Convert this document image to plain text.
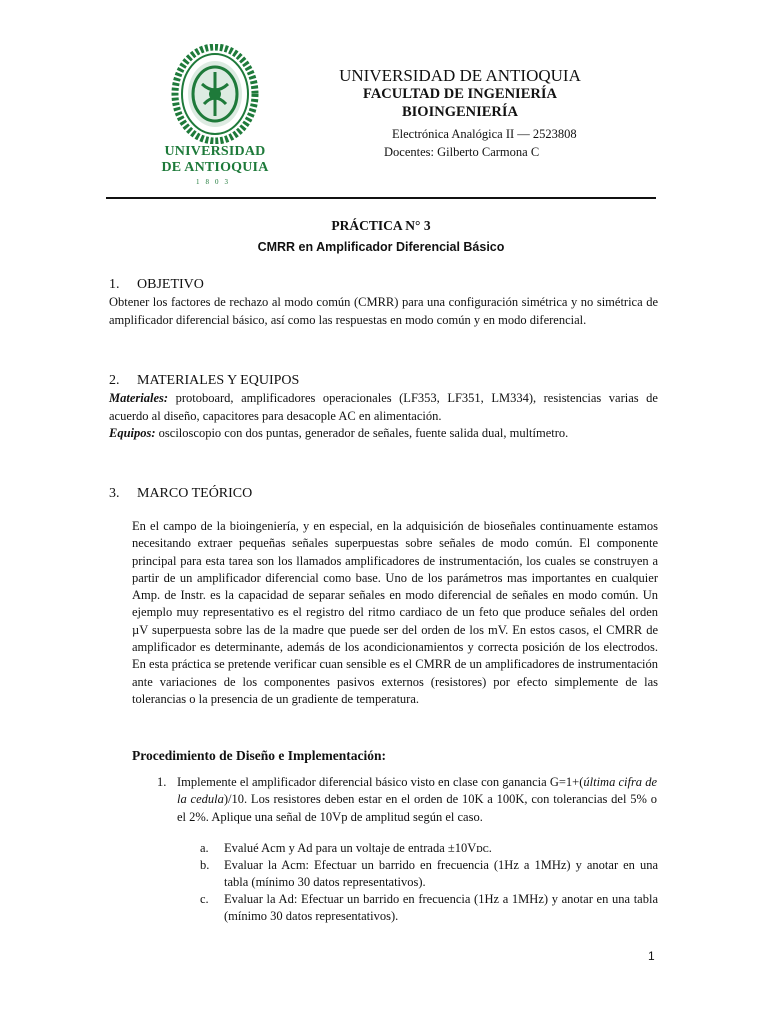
UNIVERSIDAD
DE ANTIOQUIA
1803
UNIVERSIDAD DE ANTIOQUIA
FACULTAD DE INGENIERÍA
BIOINGENIERÍA
Electrónica Analógica II — 2523808
Docentes: Gilberto Carmona C
PRÁCTICA N° 3
CMRR en Amplificador Diferencial Básico
1. OBJETIVO
Obtener los factores de rechazo al modo común (CMRR) para una configuración simétrica y no simétrica de amplificador diferencial básico, así como las respuestas en modo común y en modo diferencial.
2. MATERIALES Y EQUIPOS

Materiales: protoboard, amplificadores operacionales (LF353, LF351, LM334), resistencias varias de acuerdo al diseño, capacitores para desacople AC en alimentación.

Equipos: osciloscopio con dos puntas, generador de señales, fuente salida dual, multímetro.

3. MARCO TEÓRICO
En el campo de la bioingeniería, y en especial, en la adquisición de bioseñales continuamente estamos necesitando extraer pequeñas señales superpuestas sobre señales de modo común. El componente principal para esta tarea son los llamados amplificadores de instrumentación, los cuales se construyen a partir de un amplificador diferencial como base. Uno de los parámetros mas importantes en cualquier Amp. de Instr. es la capacidad de separar señales en modo diferencial de señales en modo común. Un ejemplo muy representativo es el registro del ritmo cardiaco de un feto que produce señales del orden µV superpuesta sobre las de la madre que puede ser del orden de los mV. En estos casos, el CMRR de amplificador es determinante, además de los acondicionamientos y correcta posición de los electrodos. En esta práctica se pretende verificar cuan sensible es el CMRR de un amplificadores de instrumentación ante variaciones de los componentes pasivos externos (resistores) por efecto simplemente de las tolerancias o la presencia de un gradiente de temperatura.
Procedimiento de Diseño e Implementación:
1. Implemente el amplificador diferencial básico visto en clase con ganancia G=1+(última cifra de la cedula)/10. Los resistores deben estar en el orden de 10K a 100K, con tolerancias del 5% o el 2%. Aplique una señal de 10Vp de amplitud según el caso.
a. Evalué Acm y Ad para un voltaje de entrada ±10Vᴅᴄ.
b. Evaluar la Acm: Efectuar un barrido en frecuencia (1Hz a 1MHz) y anotar en una tabla (mínimo 30 datos representativos).
c. Evaluar la Ad: Efectuar un barrido en frecuencia (1Hz a 1MHz) y anotar en una tabla (mínimo 30 datos representativos).
1
